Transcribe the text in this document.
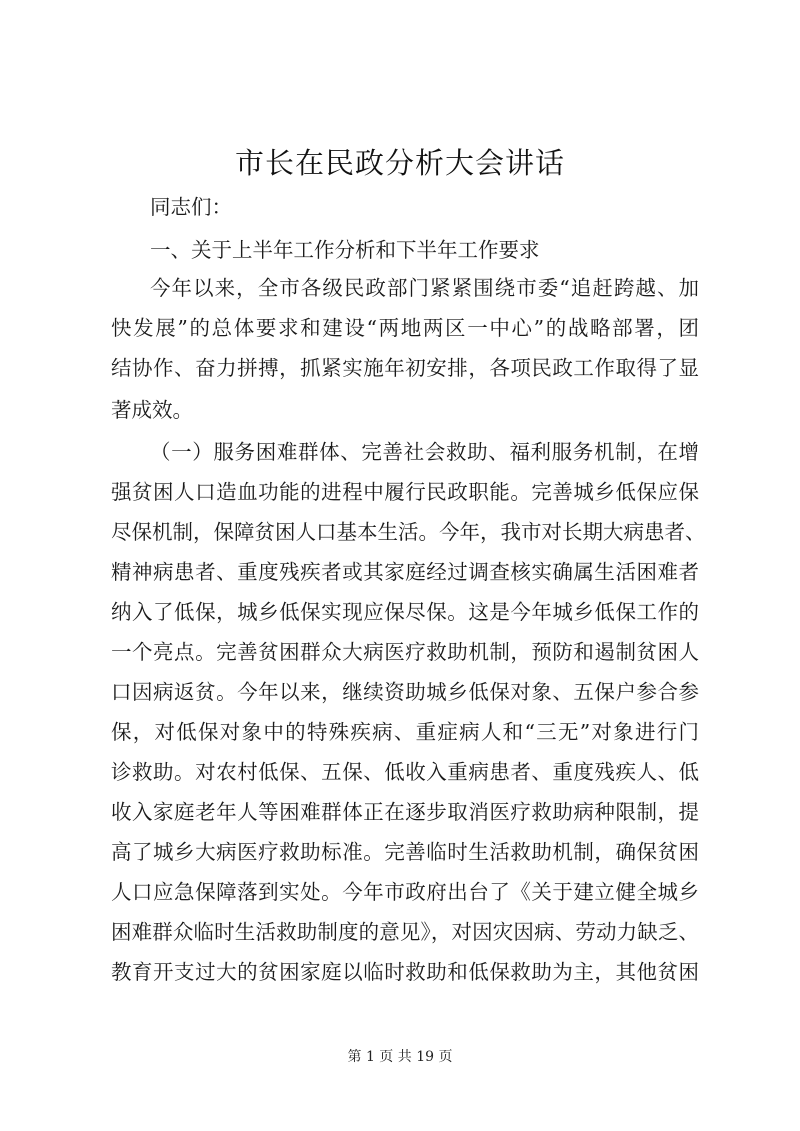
市长在民政分析大会讲话
同志们：
一、关于上半年工作分析和下半年工作要求
今年以来，全市各级民政部门紧紧围绕市委“追赶跨越、加
快发展”的总体要求和建设“两地两区一中心”的战略部署，团
结协作、奋力拼搏，抓紧实施年初安排，各项民政工作取得了显
著成效。
（一）服务困难群体、完善社会救助、福利服务机制，在增
强贫困人口造血功能的进程中履行民政职能。完善城乡低保应保
尽保机制，保障贫困人口基本生活。今年，我市对长期大病患者、
精神病患者、重度残疾者或其家庭经过调查核实确属生活困难者
纳入了低保，城乡低保实现应保尽保。这是今年城乡低保工作的
一个亮点。完善贫困群众大病医疗救助机制，预防和遏制贫困人
口因病返贫。今年以来，继续资助城乡低保对象、五保户参合参
保，对低保对象中的特殊疾病、重症病人和“三无”对象进行门
诊救助。对农村低保、五保、低收入重病患者、重度残疾人、低
收入家庭老年人等困难群体正在逐步取消医疗救助病种限制，提
高了城乡大病医疗救助标准。完善临时生活救助机制，确保贫困
人口应急保障落到实处。今年市政府出台了《关于建立健全城乡
困难群众临时生活救助制度的意见》，对因灾因病、劳动力缺乏、
教育开支过大的贫困家庭以临时救助和低保救助为主，其他贫困
第 1 页 共 19 页
